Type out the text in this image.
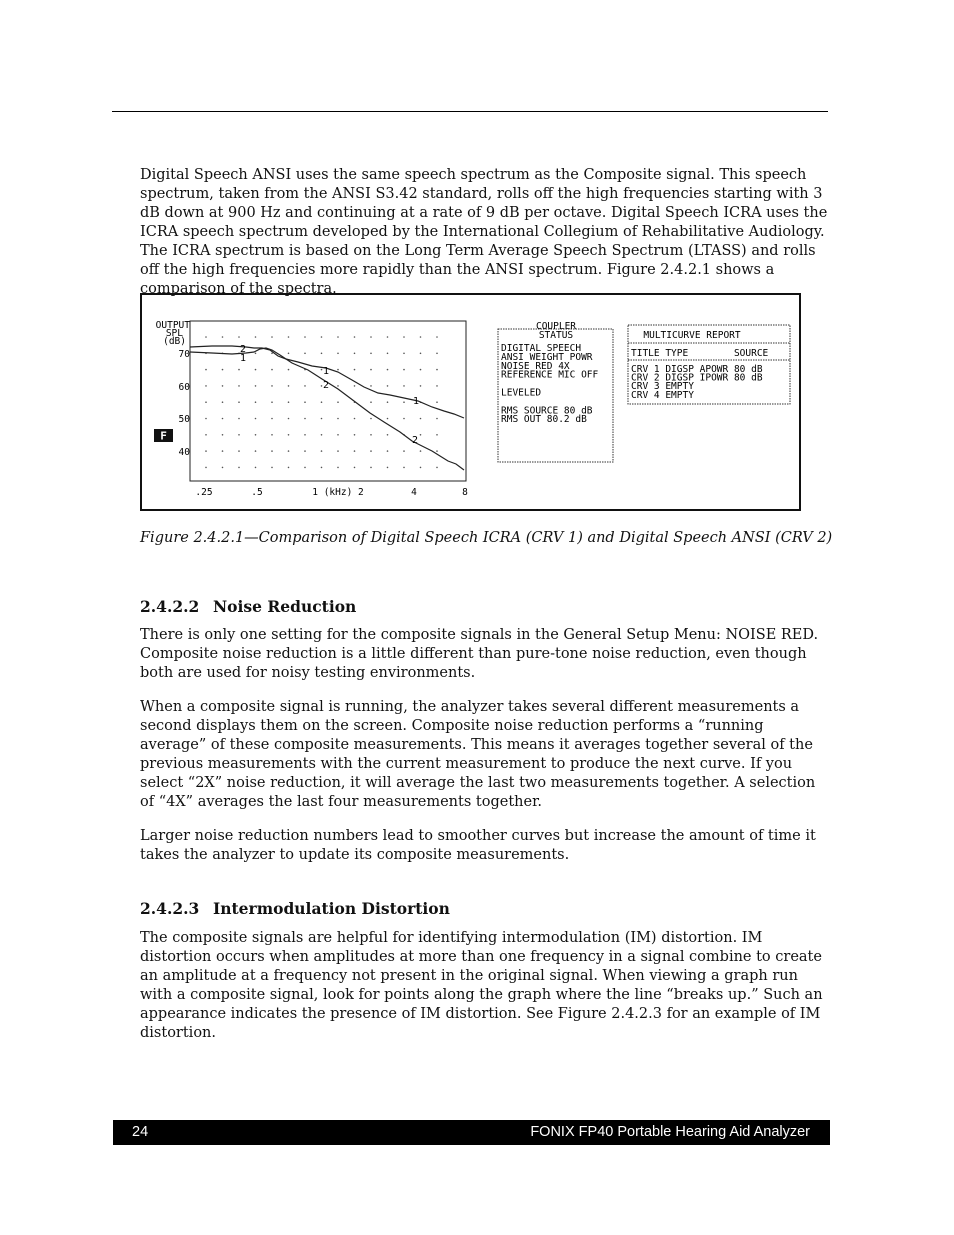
Digital Speech ANSI uses the same speech spectrum as the Composite signal. This speech spectrum, taken from the ANSI S3.42 standard, rolls off the high frequencies starting with 3 dB down at 900 Hz and continuing at a rate of 9 dB per octave. Digital Speech ICRA uses the ICRA speech spectrum developed by the International Collegium of Rehabilitative Audiology. The ICRA spectrum is based on the Long Term Average Speech Spectrum (LTASS) and rolls off the high frequencies more rapidly than the ANSI spectrum. Figure 2.4.2.1 shows a comparison of the spectra.

OUTPUT
SPL
(dB)
70
60
50
40
F
.25	.5	1 (kHz) 2	4	8
2
1
1
2
1
2
COUPLER
STATUS
DIGITAL SPEECH
ANSI WEIGHT POWR
NOISE RED 4X
REFERENCE MIC OFF
LEVELED
RMS SOURCE 80 dB
RMS OUT 80.2 dB
MULTICURVE REPORT
TITLE TYPE        SOURCE
CRV 1 DIGSP APOWR 80 dB
CRV 2 DIGSP IPOWR 80 dB
CRV 3 EMPTY
CRV 4 EMPTY

Figure 2.4.2.1—Comparison of Digital Speech ICRA (CRV 1) and Digital Speech ANSI (CRV 2)

2.4.2.2 Noise Reduction

There is only one setting for the composite signals in the General Setup Menu: NOISE RED. Composite noise reduction is a little different than pure-tone noise reduction, even though both are used for noisy testing environments.

When a composite signal is running, the analyzer takes several different measurements a second displays them on the screen. Composite noise reduction performs a “running average” of these composite measurements. This means it averages together several of the previous measurements with the current measurement to produce the next curve. If you select “2X” noise reduction, it will average the last two measurements together. A selection of “4X” averages the last four measurements together.

Larger noise reduction numbers lead to smoother curves but increase the amount of time it takes the analyzer to update its composite measurements.

2.4.2.3 Intermodulation Distortion

The composite signals are helpful for identifying intermodulation (IM) distortion. IM distortion occurs when amplitudes at more than one frequency in a signal combine to create an amplitude at a frequency not present in the original signal. When viewing a graph run with a composite signal, look for points along the graph where the line “breaks up.” Such an appearance indicates the presence of IM distortion. See Figure 2.4.2.3 for an example of IM distortion.

24	FONIX FP40 Portable Hearing Aid Analyzer
